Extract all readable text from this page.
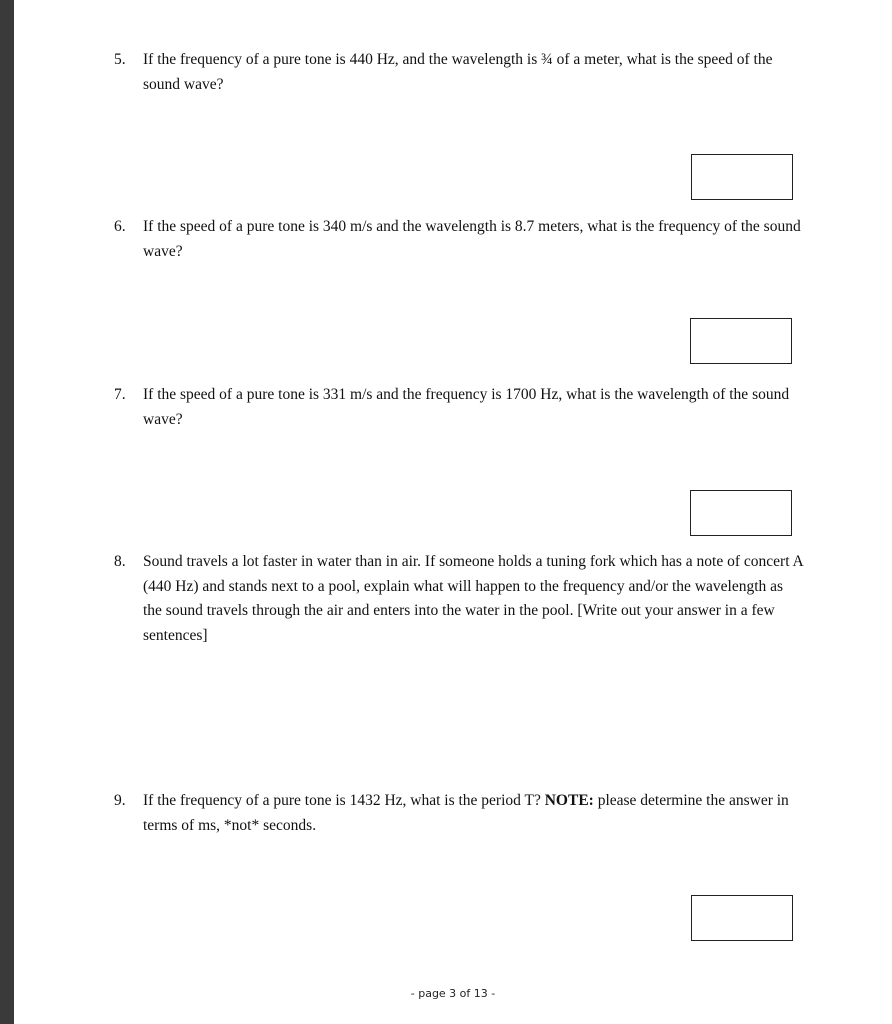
5.	If the frequency of a pure tone is 440 Hz, and the wavelength is ¾ of a meter, what is the speed of the sound wave?
6.	If the speed of a pure tone is 340 m/s and the wavelength is 8.7 meters, what is the frequency of the sound wave?
7.	If the speed of a pure tone is 331 m/s and the frequency is 1700 Hz, what is the wavelength of the sound wave?
8.	Sound travels a lot faster in water than in air. If someone holds a tuning fork which has a note of concert A (440 Hz) and stands next to a pool, explain what will happen to the frequency and/or the wavelength as the sound travels through the air and enters into the water in the pool. [Write out your answer in a few sentences]
9.	If the frequency of a pure tone is 1432 Hz, what is the period T? NOTE: please determine the answer in terms of ms, *not* seconds.
- page 3 of 13 -
